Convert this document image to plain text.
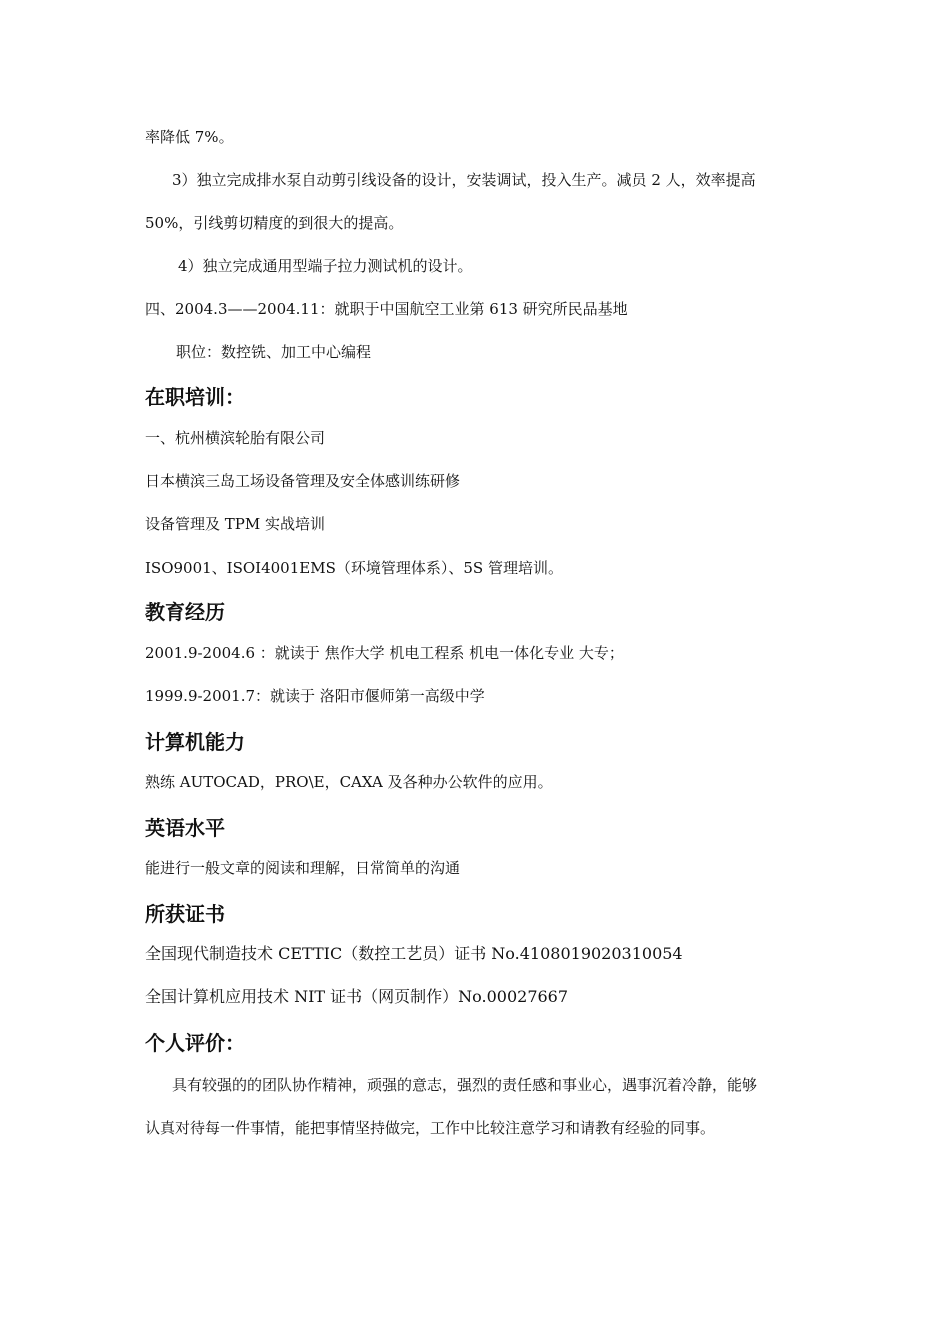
率降低 7%。

3）独立完成排水泵自动剪引线设备的设计，安装调试，投入生产。减员 2 人，效率提高

50%，引线剪切精度的到很大的提高。

4）独立完成通用型端子拉力测试机的设计。

四、2004.3——2004.11：就职于中国航空工业第 613 研究所民品基地

职位：数控铣、加工中心编程

在职培训：

一、杭州横滨轮胎有限公司

日本横滨三岛工场设备管理及安全体感训练研修

设备管理及 TPM 实战培训

ISO9001、ISOI4001EMS（环境管理体系）、5S 管理培训。

教育经历

2001.9-2004.6 ：就读于 焦作大学 机电工程系 机电一体化专业 大专；

1999.9-2001.7：就读于 洛阳市偃师第一高级中学

计算机能力

熟练 AUTOCAD，PRO\E，CAXA 及各种办公软件的应用。

英语水平

能进行一般文章的阅读和理解，日常简单的沟通

所获证书

全国现代制造技术 CETTIC（数控工艺员）证书 No.4108019020310054

全国计算机应用技术 NIT 证书（网页制作）No.00027667

个人评价：

具有较强的的团队协作精神，顽强的意志，强烈的责任感和事业心，遇事沉着冷静，能够

认真对待每一件事情，能把事情坚持做完，工作中比较注意学习和请教有经验的同事。
